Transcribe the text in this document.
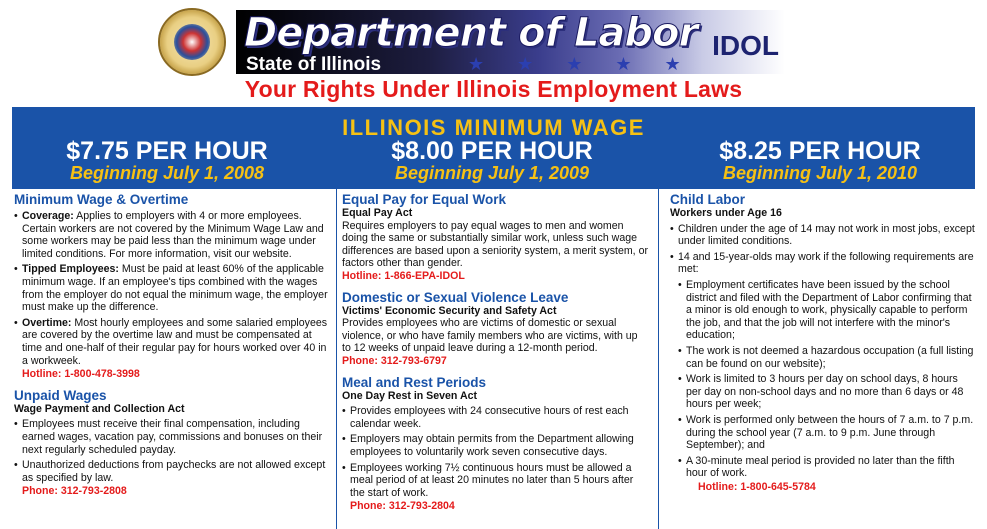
Department of Labor
State of Illinois	★ ★ ★ ★ ★
IDOL
Your Rights Under Illinois Employment Laws
ILLINOIS MINIMUM WAGE
$7.75 PER HOUR
Beginning July 1, 2008
$8.00 PER HOUR
Beginning July 1, 2009
$8.25 PER HOUR
Beginning July 1, 2010
Minimum Wage & Overtime
• Coverage: Applies to employers with 4 or more employees. Certain workers are not covered by the Minimum Wage Law and some workers may be paid less than the minimum wage under limited conditions. For more information, visit our website.
• Tipped Employees: Must be paid at least 60% of the applicable minimum wage. If an employee's tips combined with the wages from the employer do not equal the minimum wage, the employer must make up the difference.
• Overtime: Most hourly employees and some salaried employees are covered by the overtime law and must be compensated at time and one-half of their regular pay for hours worked over 40 in a workweek.

Hotline: 1-800-478-3998

Unpaid Wages

Wage Payment and Collection Act

• Employees must receive their final compensation, including earned wages, vacation pay, commissions and bonuses on their next regularly scheduled payday.
• Unauthorized deductions from paychecks are not allowed except as specified by law.

Phone: 312-793-2808

Equal Pay for Equal Work

Equal Pay Act

Requires employers to pay equal wages to men and women doing the same or substantially similar work, unless such wage differences are based upon a seniority system, a merit system, or factors other than gender.

Hotline: 1-866-EPA-IDOL

Domestic or Sexual Violence Leave

Victims' Economic Security and Safety Act

Provides employees who are victims of domestic or sexual violence, or who have family members who are victims, with up to 12 weeks of unpaid leave during a 12-month period.

Phone: 312-793-6797

Meal and Rest Periods

One Day Rest in Seven Act

• Provides employees with 24 consecutive hours of rest each calendar week.
• Employers may obtain permits from the Department allowing employees to voluntarily work seven consecutive days.
• Employees working 7½ continuous hours must be allowed a meal period of at least 20 minutes no later than 5 hours after the start of work.

Phone: 312-793-2804

Child Labor

Workers under Age 16

• Children under the age of 14 may not work in most jobs, except under limited conditions.
• 14 and 15-year-olds may work if the following requirements are met:
• Employment certificates have been issued by the school district and filed with the Department of Labor confirming that a minor is old enough to work, physically capable to perform the job, and that the job will not interfere with the minor's education;
• The work is not deemed a hazardous occupation (a full listing can be found on our website);
• Work is limited to 3 hours per day on school days, 8 hours per day on non-school days and no more than 6 days or 48 hours per week;
• Work is performed only between the hours of 7 a.m. to 7 p.m. during the school year (7 a.m. to 9 p.m. June through September); and
• A 30-minute meal period is provided no later than the fifth hour of work.

Hotline: 1-800-645-5784
